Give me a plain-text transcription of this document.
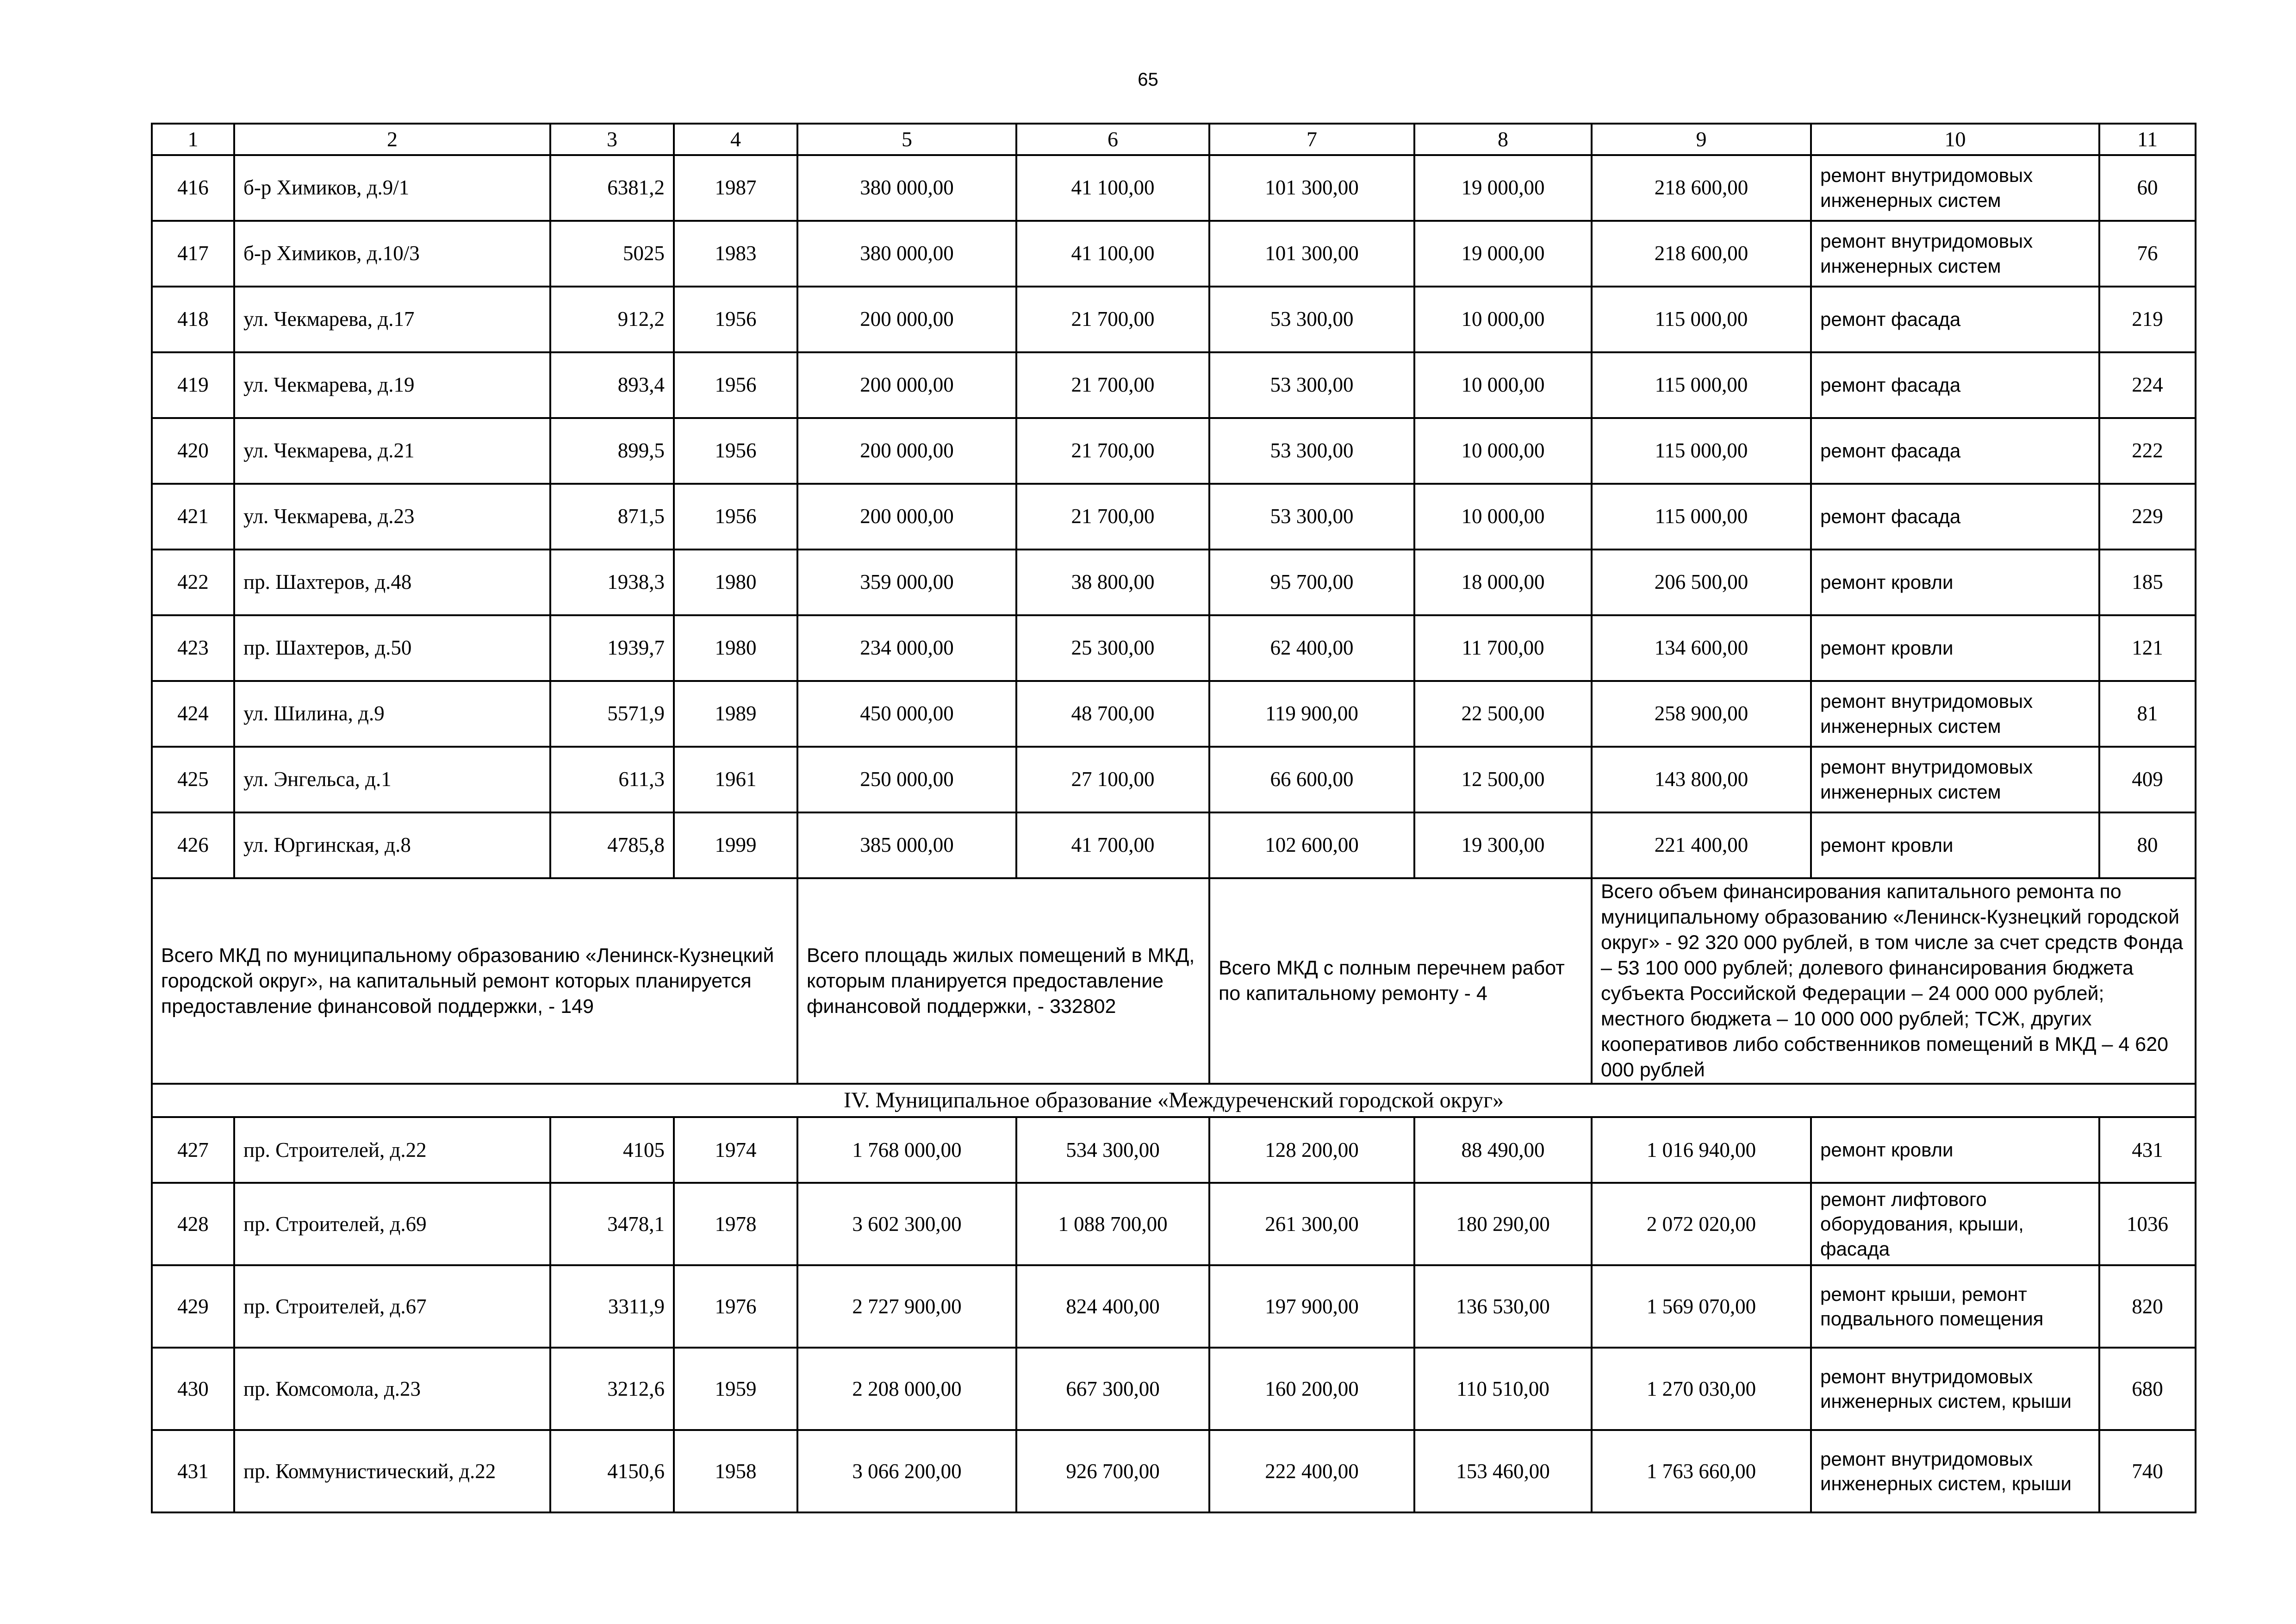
65
1	2	3	4	5	6	7	8	9	10	11
416	б-р Химиков, д.9/1	6381,2	1987	380 000,00	41 100,00	101 300,00	19 000,00	218 600,00	ремонт внутридомовых инженерных систем	60
417	б-р Химиков, д.10/3	5025	1983	380 000,00	41 100,00	101 300,00	19 000,00	218 600,00	ремонт внутридомовых инженерных систем	76
418	ул. Чекмарева, д.17	912,2	1956	200 000,00	21 700,00	53 300,00	10 000,00	115 000,00	ремонт фасада	219
419	ул. Чекмарева, д.19	893,4	1956	200 000,00	21 700,00	53 300,00	10 000,00	115 000,00	ремонт фасада	224
420	ул. Чекмарева, д.21	899,5	1956	200 000,00	21 700,00	53 300,00	10 000,00	115 000,00	ремонт фасада	222
421	ул. Чекмарева, д.23	871,5	1956	200 000,00	21 700,00	53 300,00	10 000,00	115 000,00	ремонт фасада	229
422	пр. Шахтеров, д.48	1938,3	1980	359 000,00	38 800,00	95 700,00	18 000,00	206 500,00	ремонт кровли	185
423	пр. Шахтеров, д.50	1939,7	1980	234 000,00	25 300,00	62 400,00	11 700,00	134 600,00	ремонт кровли	121
424	ул. Шилина, д.9	5571,9	1989	450 000,00	48 700,00	119 900,00	22 500,00	258 900,00	ремонт внутридомовых инженерных систем	81
425	ул. Энгельса, д.1	611,3	1961	250 000,00	27 100,00	66 600,00	12 500,00	143 800,00	ремонт внутридомовых инженерных систем	409
426	ул. Юргинская, д.8	4785,8	1999	385 000,00	41 700,00	102 600,00	19 300,00	221 400,00	ремонт кровли	80
Всего МКД по муниципальному образованию «Ленинск-Кузнецкий городской округ», на капитальный ремонт которых планируется предоставление финансовой поддержки, - 149				Всего площадь жилых помещений в МКД, которым планируется предоставление финансовой поддержки, - 332802		Всего МКД с полным перечнем работ по капитальному ремонту - 4		Всего объем финансирования капитального ремонта по муниципальному образованию «Ленинск-Кузнецкий городской округ» - 92 320 000 рублей, в том числе за счет средств Фонда – 53 100 000 рублей; долевого финансирования бюджета субъекта Российской Федерации – 24 000 000 рублей;
местного бюджета – 10 000 000 рублей; ТСЖ, других кооперативов либо собственников помещений в МКД – 4 620 000 рублей		

IV. Муниципальное образование «Междуреченский городской округ»										
427	пр. Строителей, д.22	4105	1974	1 768 000,00	534 300,00	128 200,00	88 490,00	1 016 940,00	ремонт кровли	431
428	пр. Строителей, д.69	3478,1	1978	3 602 300,00	1 088 700,00	261 300,00	180 290,00	2 072 020,00	ремонт лифтового оборудования, крыши, фасада	1036
429	пр. Строителей, д.67	3311,9	1976	2 727 900,00	824 400,00	197 900,00	136 530,00	1 569 070,00	ремонт крыши, ремонт подвального помещения	820
430	пр. Комсомола, д.23	3212,6	1959	2 208 000,00	667 300,00	160 200,00	110 510,00	1 270 030,00	ремонт внутридомовых инженерных систем, крыши	680
431	пр. Коммунистический, д.22	4150,6	1958	3 066 200,00	926 700,00	222 400,00	153 460,00	1 763 660,00	ремонт внутридомовых инженерных систем, крыши	740
